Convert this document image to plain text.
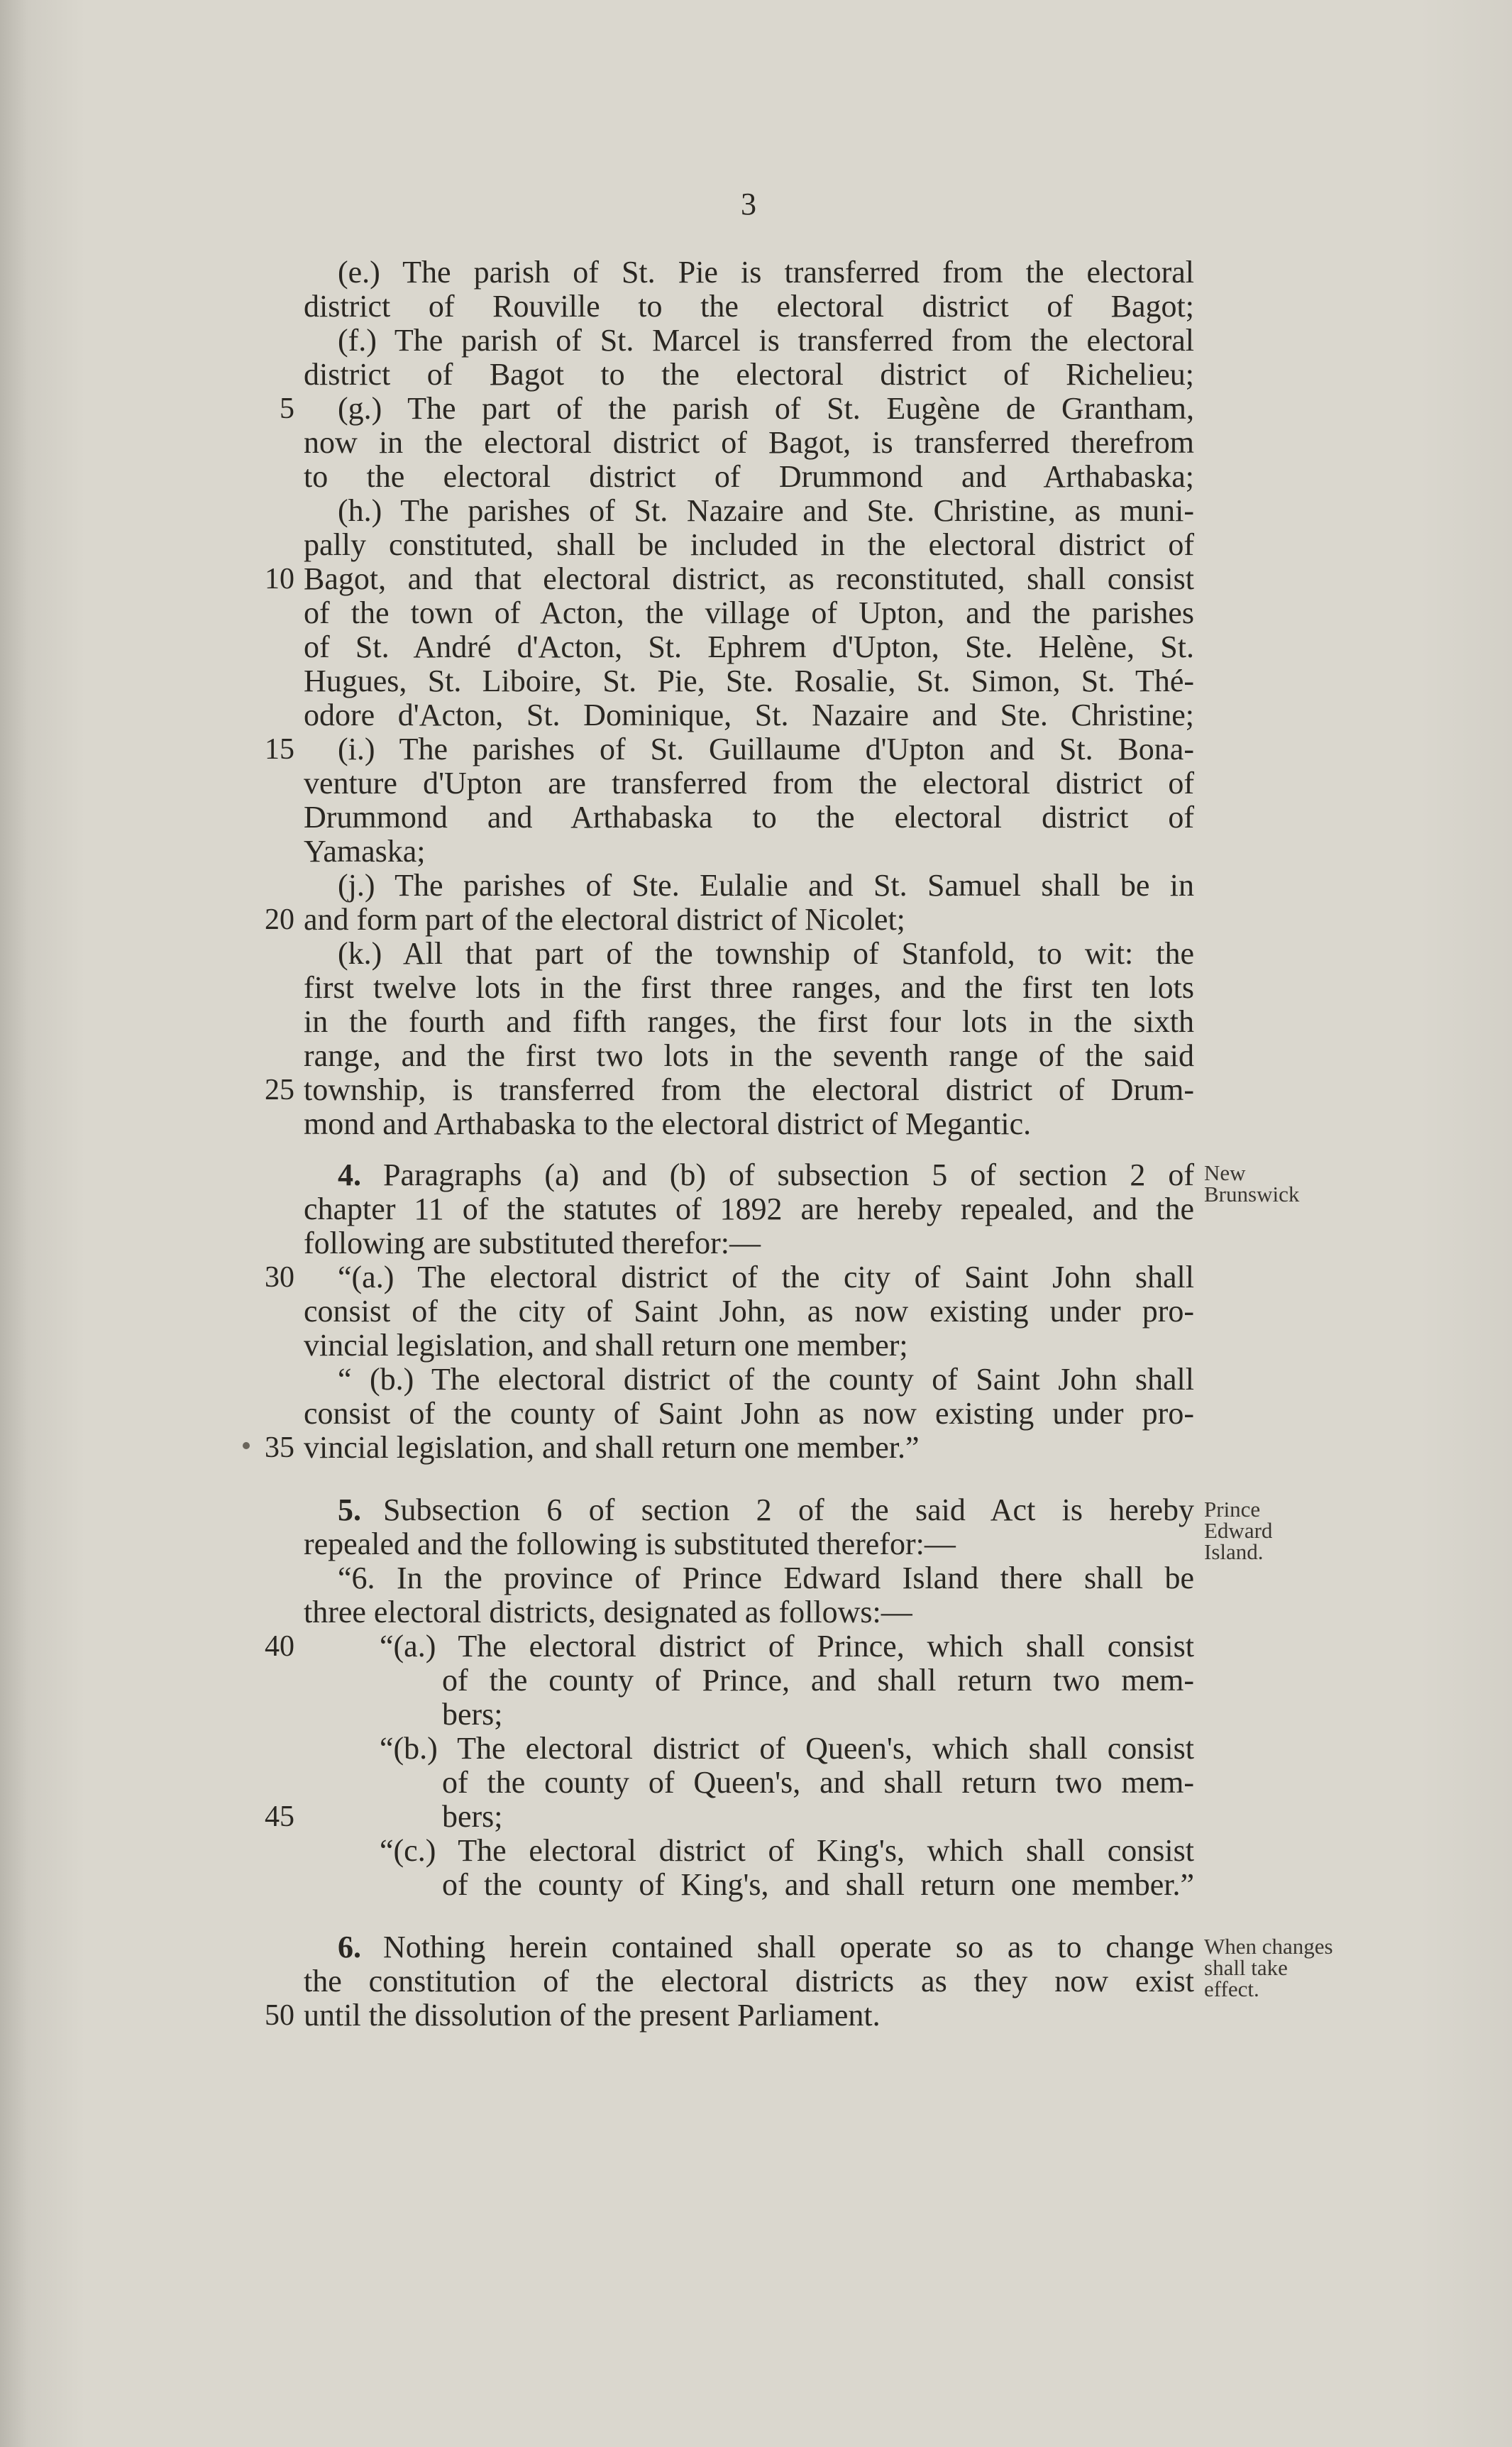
3
(e.) The parish of St. Pie is transferred from the electoral
district of Rouville to the electoral district of Bagot;
(f.) The parish of St. Marcel is transferred from the electoral
district of Bagot to the electoral district of Richelieu;
5 (g.) The part of the parish of St. Eugène de Grantham,
now in the electoral district of Bagot, is transferred therefrom
to the electoral district of Drummond and Arthabaska;
(h.) The parishes of St. Nazaire and Ste. Christine, as muni-
pally constituted, shall be included in the electoral district of
10 Bagot, and that electoral district, as reconstituted, shall consist
of the town of Acton, the village of Upton, and the parishes
of St. André d'Acton, St. Ephrem d'Upton, Ste. Helène, St.
Hugues, St. Liboire, St. Pie, Ste. Rosalie, St. Simon, St. Thé-
odore d'Acton, St. Dominique, St. Nazaire and Ste. Christine;
15 (i.) The parishes of St. Guillaume d'Upton and St. Bona-
venture d'Upton are transferred from the electoral district of
Drummond and Arthabaska to the electoral district of
Yamaska;
(j.) The parishes of Ste. Eulalie and St. Samuel shall be in
20 and form part of the electoral district of Nicolet;
(k.) All that part of the township of Stanfold, to wit: the
first twelve lots in the first three ranges, and the first ten lots
in the fourth and fifth ranges, the first four lots in the sixth
range, and the first two lots in the seventh range of the said
25 township, is transferred from the electoral district of Drum-
mond and Arthabaska to the electoral district of Megantic.
4. Paragraphs (a) and (b) of subsection 5 of section 2 of
chapter 11 of the statutes of 1892 are hereby repealed, and the
following are substituted therefor:—
30 “(a.) The electoral district of the city of Saint John shall
consist of the city of Saint John, as now existing under pro-
vincial legislation, and shall return one member;
“ (b.) The electoral district of the county of Saint John shall
consist of the county of Saint John as now existing under pro-
35 vincial legislation, and shall return one member.”
New Brunswick
5. Subsection 6 of section 2 of the said Act is hereby
repealed and the following is substituted therefor:—
“6. In the province of Prince Edward Island there shall be
three electoral districts, designated as follows:—
40	“(a.) The electoral district of Prince, which shall consist
of the county of Prince, and shall return two mem-
bers;
“(b.) The electoral district of Queen's, which shall consist
of the county of Queen's, and shall return two mem-
45	bers;
“(c.) The electoral district of King's, which shall consist
of the county of King's, and shall return one member.”
Prince
Edward
Island.
6. Nothing herein contained shall operate so as to change
the constitution of the electoral districts as they now exist
50 until the dissolution of the present Parliament.
When changes
shall take
effect.
